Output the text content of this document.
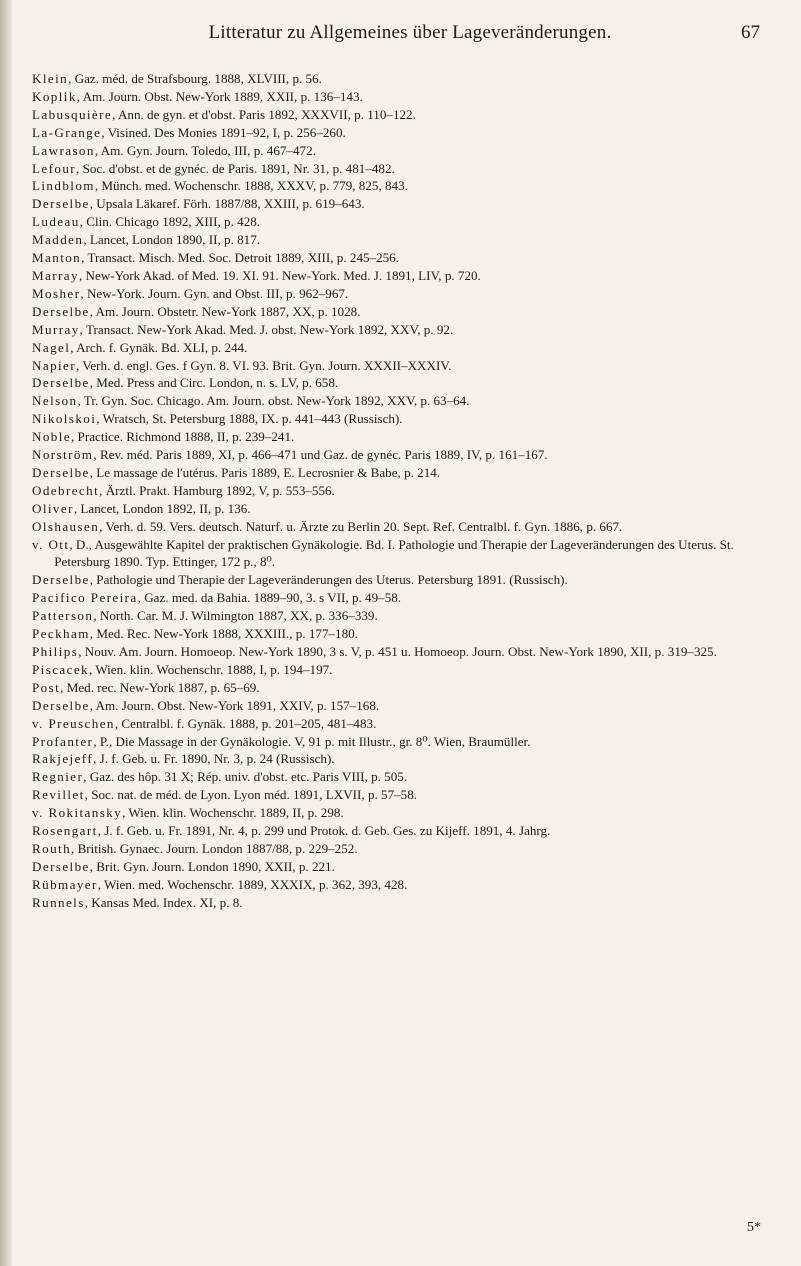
Litteratur zu Allgemeines über Lageveränderungen.	67

Klein, Gaz. méd. de Strafsbourg. 1888, XLVIII, p. 56.

Koplik, Am. Journ. Obst. New-York 1889, XXII, p. 136–143.

Labusquière, Ann. de gyn. et d'obst. Paris 1892, XXXVII, p. 110–122.

La-Grange, Visined. Des Monies 1891–92, I, p. 256–260.

Lawrason, Am. Gyn. Journ. Toledo, III, p. 467–472.

Lefour, Soc. d'obst. et de gynéc. de Paris. 1891, Nr. 31, p. 481–482.

Lindblom, Münch. med. Wochenschr. 1888, XXXV, p. 779, 825, 843.

Derselbe, Upsala Läkaref. Förh. 1887/88, XXIII, p. 619–643.

Ludeau, Clin. Chicago 1892, XIII, p. 428.

Madden, Lancet, London 1890, II, p. 817.

Manton, Transact. Misch. Med. Soc. Detroit 1889, XIII, p. 245–256.

Marray, New-York Akad. of Med. 19. XI. 91. New-York. Med. J. 1891, LIV, p. 720.

Mosher, New-York. Journ. Gyn. and Obst. III, p. 962–967.

Derselbe, Am. Journ. Obstetr. New-York 1887, XX, p. 1028.

Murray, Transact. New-York Akad. Med. J. obst. New-York 1892, XXV, p. 92.

Nagel, Arch. f. Gynäk. Bd. XLI, p. 244.

Napier, Verh. d. engl. Ges. f Gyn. 8. VI. 93. Brit. Gyn. Journ. XXXII–XXXIV.

Derselbe, Med. Press and Circ. London, n. s. LV, p. 658.

Nelson, Tr. Gyn. Soc. Chicago. Am. Journ. obst. New-York 1892, XXV, p. 63–64.

Nikolskoi, Wratsch, St. Petersburg 1888, IX. p. 441–443 (Russisch).

Noble, Practice. Richmond 1888, II, p. 239–241.

Norström, Rev. méd. Paris 1889, XI, p. 466–471 und Gaz. de gynéc. Paris 1889, IV, p. 161–167.

Derselbe, Le massage de l'utérus. Paris 1889, E. Lecrosnier & Babe, p. 214.

Odebrecht, Ärztl. Prakt. Hamburg 1892, V, p. 553–556.

Oliver, Lancet, London 1892, II, p. 136.

Olshausen, Verh. d. 59. Vers. deutsch. Naturf. u. Ärzte zu Berlin 20. Sept. Ref. Centralbl. f. Gyn. 1886, p. 667.

v. Ott, D., Ausgewählte Kapitel der praktischen Gynäkologie. Bd. I. Pathologie und Therapie der Lageveränderungen des Uterus. St. Petersburg 1890. Typ. Ettinger, 172 p., 8⁰.

Derselbe, Pathologie und Therapie der Lageveränderungen des Uterus. Petersburg 1891. (Russisch).

Pacifico Pereira, Gaz. med. da Bahia. 1889–90, 3. s VII, p. 49–58.

Patterson, North. Car. M. J. Wilmington 1887, XX, p. 336–339.

Peckham, Med. Rec. New-York 1888, XXXIII., p. 177–180.

Philips, Nouv. Am. Journ. Homoeop. New-York 1890, 3 s. V, p. 451 u. Homoeop. Journ. Obst. New-York 1890, XII, p. 319–325.

Piscacek, Wien. klin. Wochenschr. 1888, I, p. 194–197.

Post, Med. rec. New-York 1887, p. 65–69.

Derselbe, Am. Journ. Obst. New-York 1891, XXIV, p. 157–168.

v. Preuschen, Centralbl. f. Gynäk. 1888, p. 201–205, 481–483.

Profanter, P., Die Massage in der Gynäkologie. V, 91 p. mit Illustr., gr. 8⁰. Wien, Braumüller.

Rakjejeff, J. f. Geb. u. Fr. 1890, Nr. 3, p. 24 (Russisch).

Regnier, Gaz. des hôp. 31 X; Rép. univ. d'obst. etc. Paris VIII, p. 505.

Revillet, Soc. nat. de méd. de Lyon. Lyon méd. 1891, LXVII, p. 57–58.

v. Rokitansky, Wien. klin. Wochenschr. 1889, II, p. 298.

Rosengart, J. f. Geb. u. Fr. 1891, Nr. 4, p. 299 und Protok. d. Geb. Ges. zu Kijeff. 1891, 4. Jahrg.

Routh, British. Gynaec. Journ. London 1887/88, p. 229–252.

Derselbe, Brit. Gyn. Journ. London 1890, XXII, p. 221.

Rübmayer, Wien. med. Wochenschr. 1889, XXXIX, p. 362, 393, 428.

Runnels, Kansas Med. Index. XI, p. 8.

5*
